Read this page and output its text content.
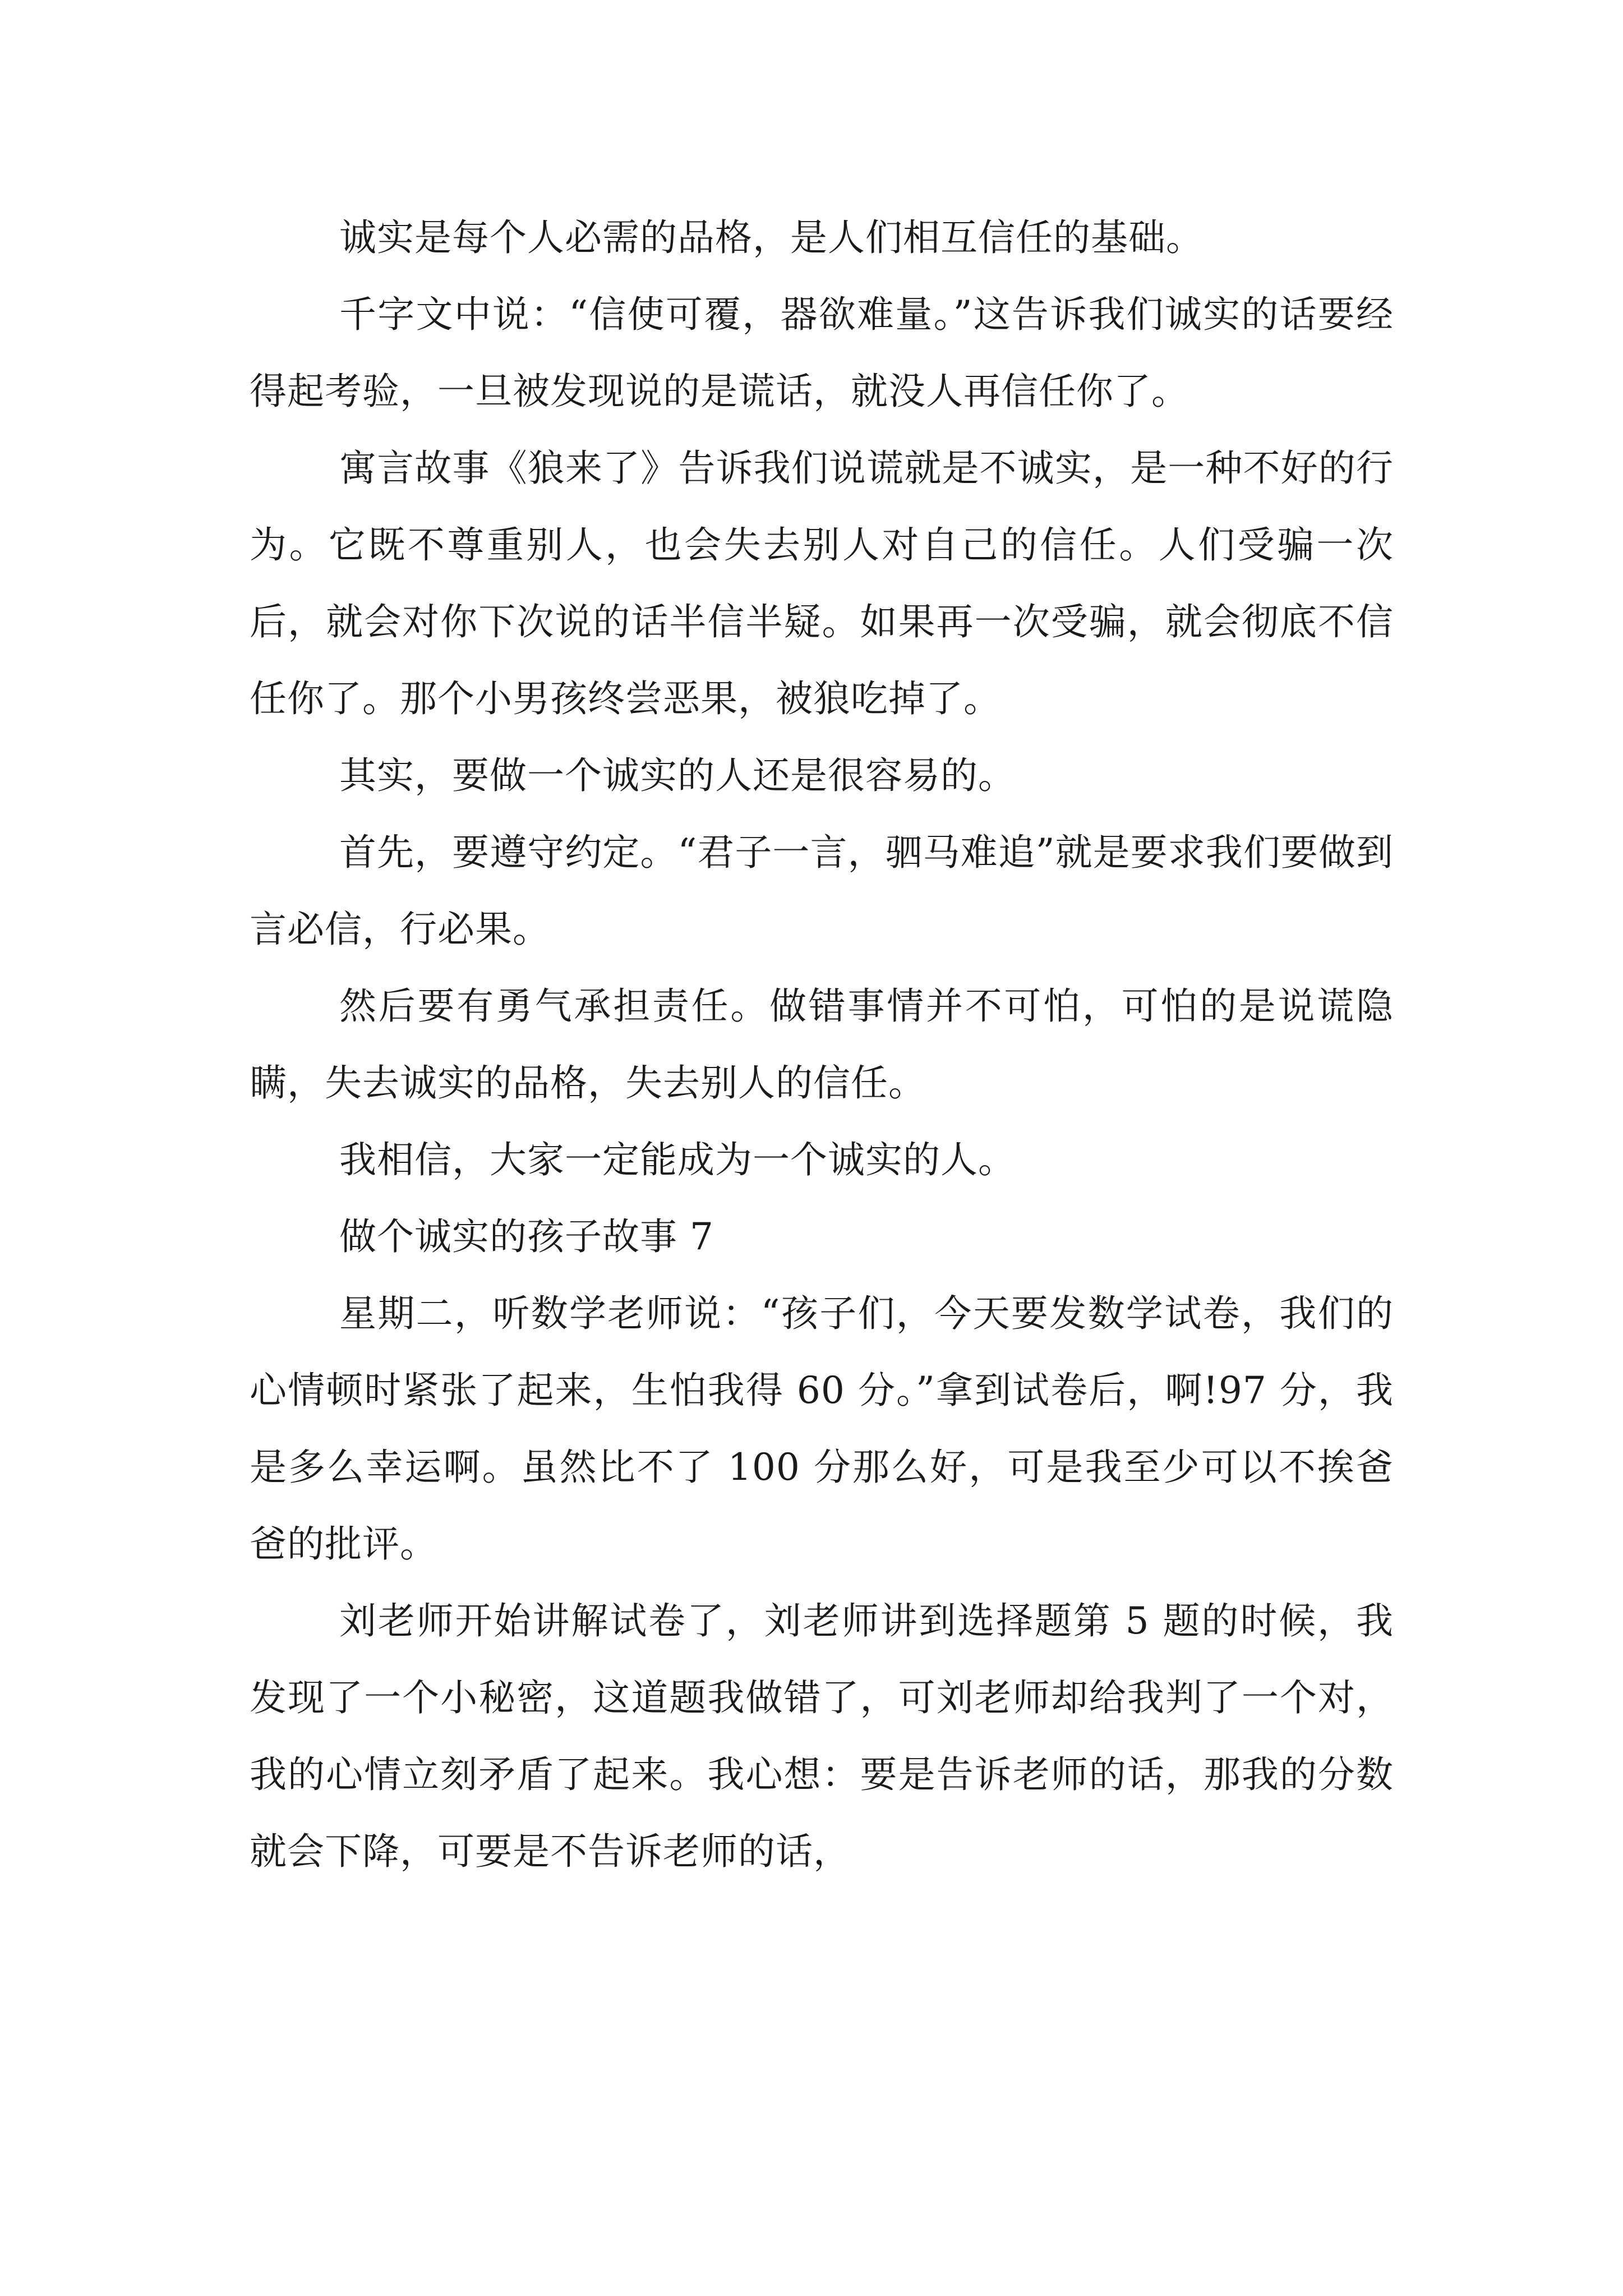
诚实是每个人必需的品格，是人们相互信任的基础。

千字文中说：“信使可覆，器欲难量。”这告诉我们诚实的话要经得起考验，一旦被发现说的是谎话，就没人再信任你了。

寓言故事《狼来了》告诉我们说谎就是不诚实，是一种不好的行为。它既不尊重别人，也会失去别人对自己的信任。人们受骗一次后，就会对你下次说的话半信半疑。如果再一次受骗，就会彻底不信任你了。那个小男孩终尝恶果，被狼吃掉了。

其实，要做一个诚实的人还是很容易的。

首先，要遵守约定。“君子一言，驷马难追”就是要求我们要做到言必信，行必果。

然后要有勇气承担责任。做错事情并不可怕，可怕的是说谎隐瞒，失去诚实的品格，失去别人的信任。

我相信，大家一定能成为一个诚实的人。

做个诚实的孩子故事 7

星期二，听数学老师说：“孩子们，今天要发数学试卷，我们的心情顿时紧张了起来，生怕我得 60 分。”拿到试卷后，啊!97 分，我是多么幸运啊。虽然比不了 100 分那么好，可是我至少可以不挨爸爸的批评。

刘老师开始讲解试卷了，刘老师讲到选择题第 5 题的时候，我发现了一个小秘密，这道题我做错了，可刘老师却给我判了一个对，我的心情立刻矛盾了起来。我心想：要是告诉老师的话，那我的分数就会下降，可要是不告诉老师的话，
